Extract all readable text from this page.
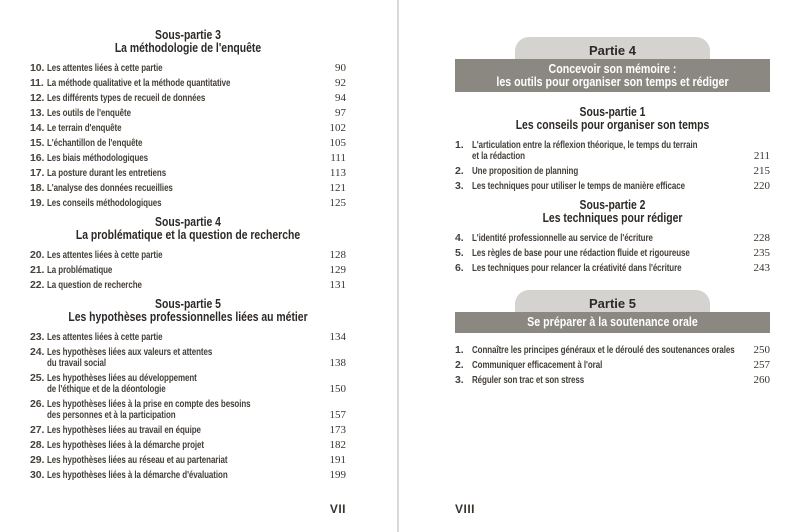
Sous-partie 3
La méthodologie de l'enquête
10. Les attentes liées à cette partie	90
11. La méthode qualitative et la méthode quantitative	92
12. Les différents types de recueil de données	94
13. Les outils de l'enquête	97
14. Le terrain d'enquête	102
15. L'échantillon de l'enquête	105
16. Les biais méthodologiques	111
17. La posture durant les entretiens	113
18. L'analyse des données recueillies	121
19. Les conseils méthodologiques	125
Sous-partie 4
La problématique et la question de recherche
20. Les attentes liées à cette partie	128
21. La problématique	129
22. La question de recherche	131
Sous-partie 5
Les hypothèses professionnelles liées au métier
23. Les attentes liées à cette partie	134
24. Les hypothèses liées aux valeurs et attentes
du travail social	138
25. Les hypothèses liées au développement
de l'éthique et de la déontologie	150
26. Les hypothèses liées à la prise en compte des besoins
des personnes et à la participation	157
27. Les hypothèses liées au travail en équipe	173
28. Les hypothèses liées à la démarche projet	182
29. Les hypothèses liées au réseau et au partenariat	191
30. Les hypothèses liées à la démarche d'évaluation	199
VII
Partie 4
Concevoir son mémoire :
les outils pour organiser son temps et rédiger
Sous-partie 1
Les conseils pour organiser son temps
1. L'articulation entre la réflexion théorique, le temps du terrain
et la rédaction	211
2. Une proposition de planning	215
3. Les techniques pour utiliser le temps de manière efficace	220
Sous-partie 2
Les techniques pour rédiger
4. L'identité professionnelle au service de l'écriture	228
5. Les règles de base pour une rédaction fluide et rigoureuse	235
6. Les techniques pour relancer la créativité dans l'écriture	243
Partie 5
Se préparer à la soutenance orale
1. Connaître les principes généraux et le déroulé des soutenances orales 250
2. Communiquer efficacement à l'oral	257
3. Réguler son trac et son stress	260
VIII
